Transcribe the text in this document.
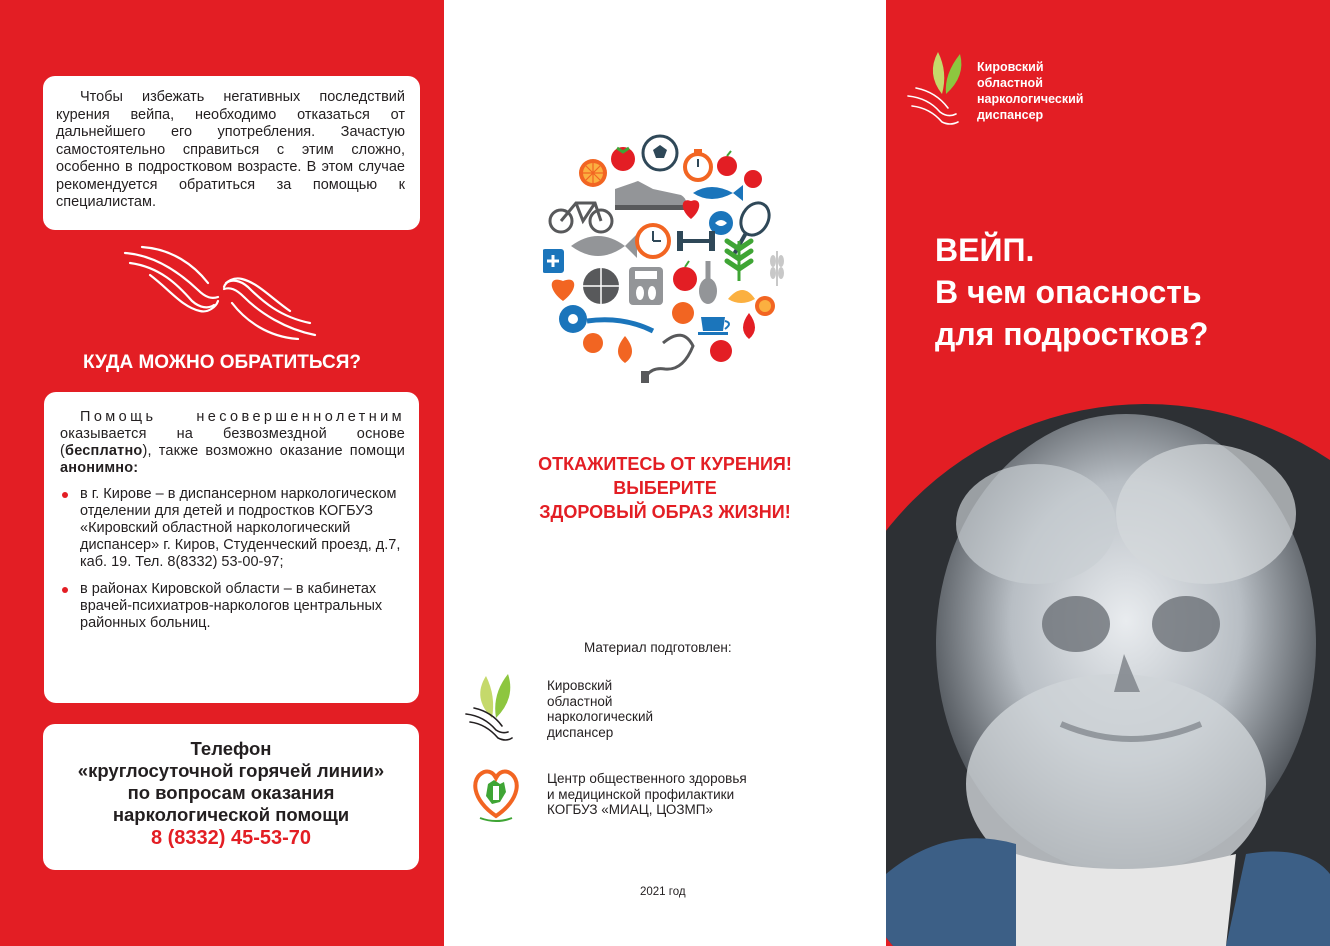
Чтобы избежать негативных последствий курения вейпа, необходимо отказаться от дальнейшего его употребления. Зачастую самостоятельно справиться с этим сложно, особенно в подростковом возрасте. В этом случае рекомендуется обратиться за помощью к специалистам.

КУДА МОЖНО ОБРАТИТЬСЯ?

Помощь несовершеннолетним оказывается на безвозмездной основе (бесплатно), также возможно оказание помощи анонимно:

в г. Кирове – в диспансерном наркологическом отделении для детей и подростков КОГБУЗ «Кировский областной наркологический диспансер» г. Киров, Студенческий проезд, д.7, каб. 19. Тел. 8(8332) 53-00-97;
в районах Кировской области – в кабинетах врачей-психиатров-наркологов центральных районных больниц.
Телефон
«круглосуточной горячей линии»
по вопросам оказания
наркологической помощи
8 (8332) 45-53-70
ОТКАЖИТЕСЬ ОТ КУРЕНИЯ!
ВЫБЕРИТЕ
ЗДОРОВЫЙ ОБРАЗ ЖИЗНИ!
Материал подготовлен:
Кировский
областной
наркологический
диспансер
Центр общественного здоровья
и медицинской профилактики
КОГБУЗ «МИАЦ, ЦОЗМП»
2021 год
Кировский
областной
наркологический
диспансер
ВЕЙП.
В чем опасность
для подростков?
